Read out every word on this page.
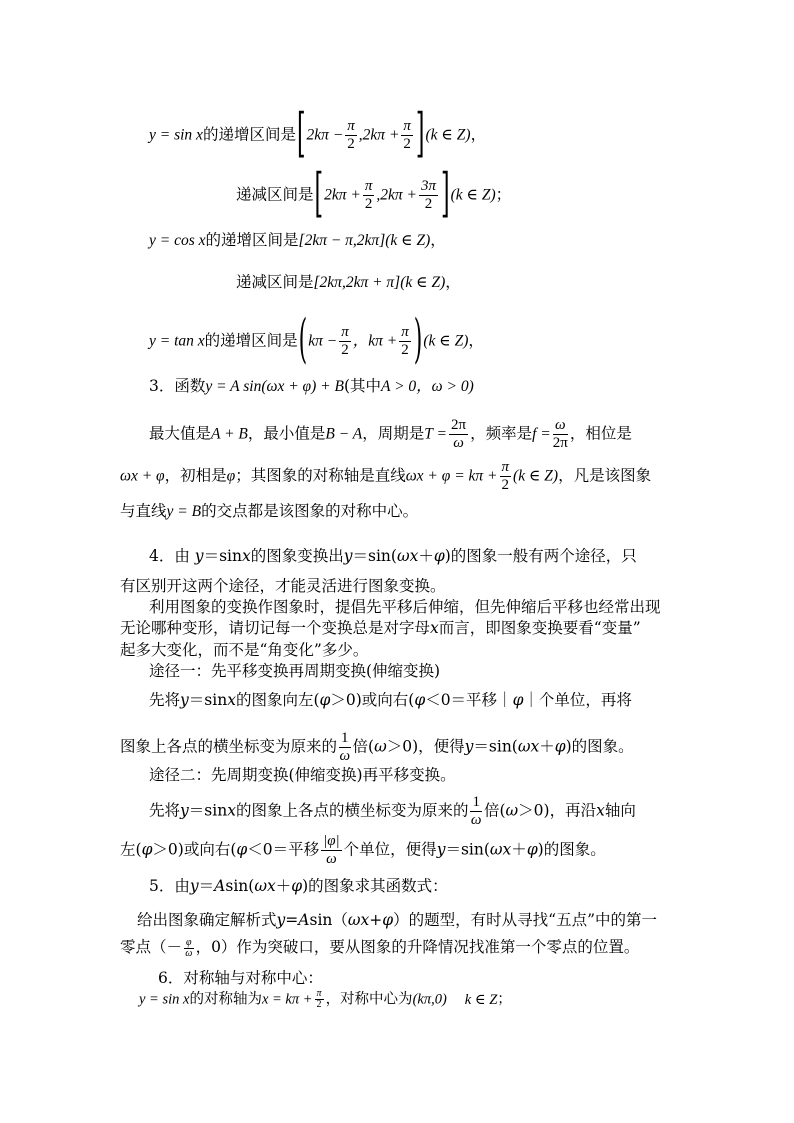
y = sin x的递增区间是$[2k\pi - \frac{\pi}{2} ,2k\pi + \frac{\pi}{2} ](k$ ∈ Z)，
递减区间是$[2k\pi + \frac{\pi}{2} ,2k\pi + \frac{3\pi}{2} ](k$ ∈ Z)；
y = cos x的递增区间是[2kπ − π,2kπ](k ∈ Z)，
递减区间是[2kπ,2kπ + π](k ∈ Z)，
y = tan x的递增区间是($k\pi - \frac{\pi}{2}$ ，$k\pi + \frac{\pi}{2} )(k$ ∈ Z)，
3．函数y = A sin(ωx + φ) + B(其中A > 0，ω > 0)
最大值是A + B，最小值是B − A，周期是$T = \frac{2\pi}{\omega}$ ，频率是$f = \frac{\omega}{2\pi}$ ，相位是
ωx + φ，初相是φ；其图象的对称轴是直线$\omega x + \varphi = k\pi + \frac{\pi}{2} (k$ ∈ Z)，凡是该图象
与直线y = B的交点都是该图象的对称中心。
4．由 y＝sinx的图象变换出y＝sin(ωx＋φ)的图象一般有两个途径，只
有区别开这两个途径，才能灵活进行图象变换。
利用图象的变换作图象时，提倡先平移后伸缩，但先伸缩后平移也经常出现
无论哪种变形，请切记每一个变换总是对字母x而言，即图象变换要看“变量”
起多大变化，而不是“角变化”多少。
途径一：先平移变换再周期变换(伸缩变换)
先将y＝sinx的图象向左(φ＞0)或向右(φ＜0＝平移｜φ｜个单位，再将
图象上各点的横坐标变为原来的 $\frac{1}{\omega}$ 倍(ω＞0)，便得y＝sin(ωx＋φ)的图象。
途径二：先周期变换(伸缩变换)再平移变换。
先将y＝sinx的图象上各点的横坐标变为原来的 $\frac{1}{\omega}$ 倍(ω＞0)，再沿x轴向
左(φ＞0)或向右(φ＜0＝平移 $\frac{|\varphi|}{\omega}$ 个单位，便得y＝sin(ωx＋φ)的图象。
5．由y＝Asin(ωx＋φ)的图象求其函数式：
给出图象确定解析式y=Asin（ωx+φ）的题型，有时从寻找“五点”中的第一
零点（－ $\frac{\varphi}{\omega}$ ，0）作为突破口，要从图象的升降情况找准第一个零点的位置。
6．对称轴与对称中心：
y = sin x的对称轴为$x = k\pi + \frac{\pi}{2}$ ，对称中心为(kπ,0) k ∈ Z；
